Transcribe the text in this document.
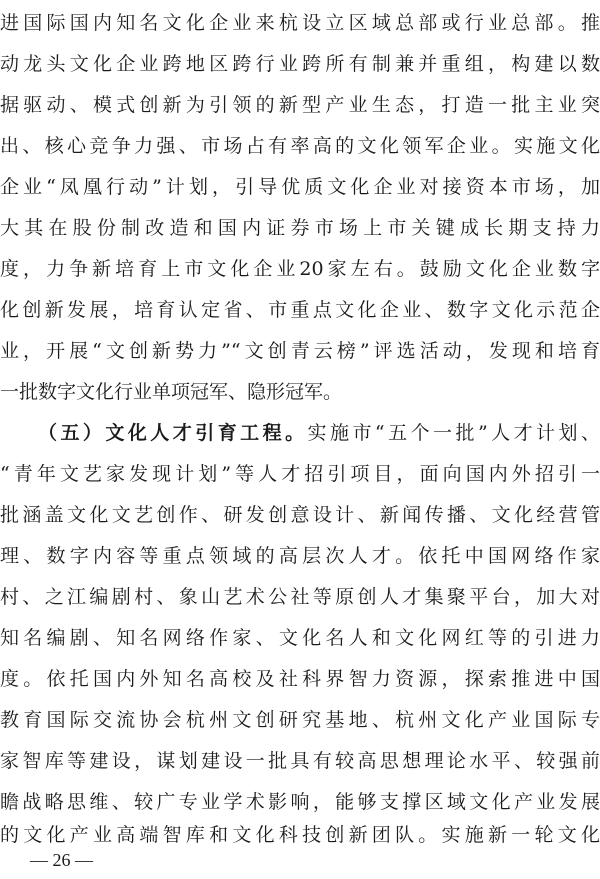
进国际国内知名文化企业来杭设立区域总部或行业总部。推
动龙头文化企业跨地区跨行业跨所有制兼并重组，构建以数
据驱动、模式创新为引领的新型产业生态，打造一批主业突
出、核心竞争力强、市场占有率高的文化领军企业。实施文化
企业“凤凰行动”计划，引导优质文化企业对接资本市场，加
大其在股份制改造和国内证券市场上市关键成长期支持力
度，力争新培育上市文化企业20家左右。鼓励文化企业数字
化创新发展，培育认定省、市重点文化企业、数字文化示范企
业，开展“文创新势力”“文创青云榜”评选活动，发现和培育
一批数字文化行业单项冠军、隐形冠军。
（五）文化人才引育工程。实施市“五个一批”人才计划、
“青年文艺家发现计划”等人才招引项目，面向国内外招引一
批涵盖文化文艺创作、研发创意设计、新闻传播、文化经营管
理、数字内容等重点领域的高层次人才。依托中国网络作家
村、之江编剧村、象山艺术公社等原创人才集聚平台，加大对
知名编剧、知名网络作家、文化名人和文化网红等的引进力
度。依托国内外知名高校及社科界智力资源，探索推进中国
教育国际交流协会杭州文创研究基地、杭州文化产业国际专
家智库等建设，谋划建设一批具有较高思想理论水平、较强前
瞻战略思维、较广专业学术影响，能够支撑区域文化产业发展
的文化产业高端智库和文化科技创新团队。实施新一轮文化
— 26 —
